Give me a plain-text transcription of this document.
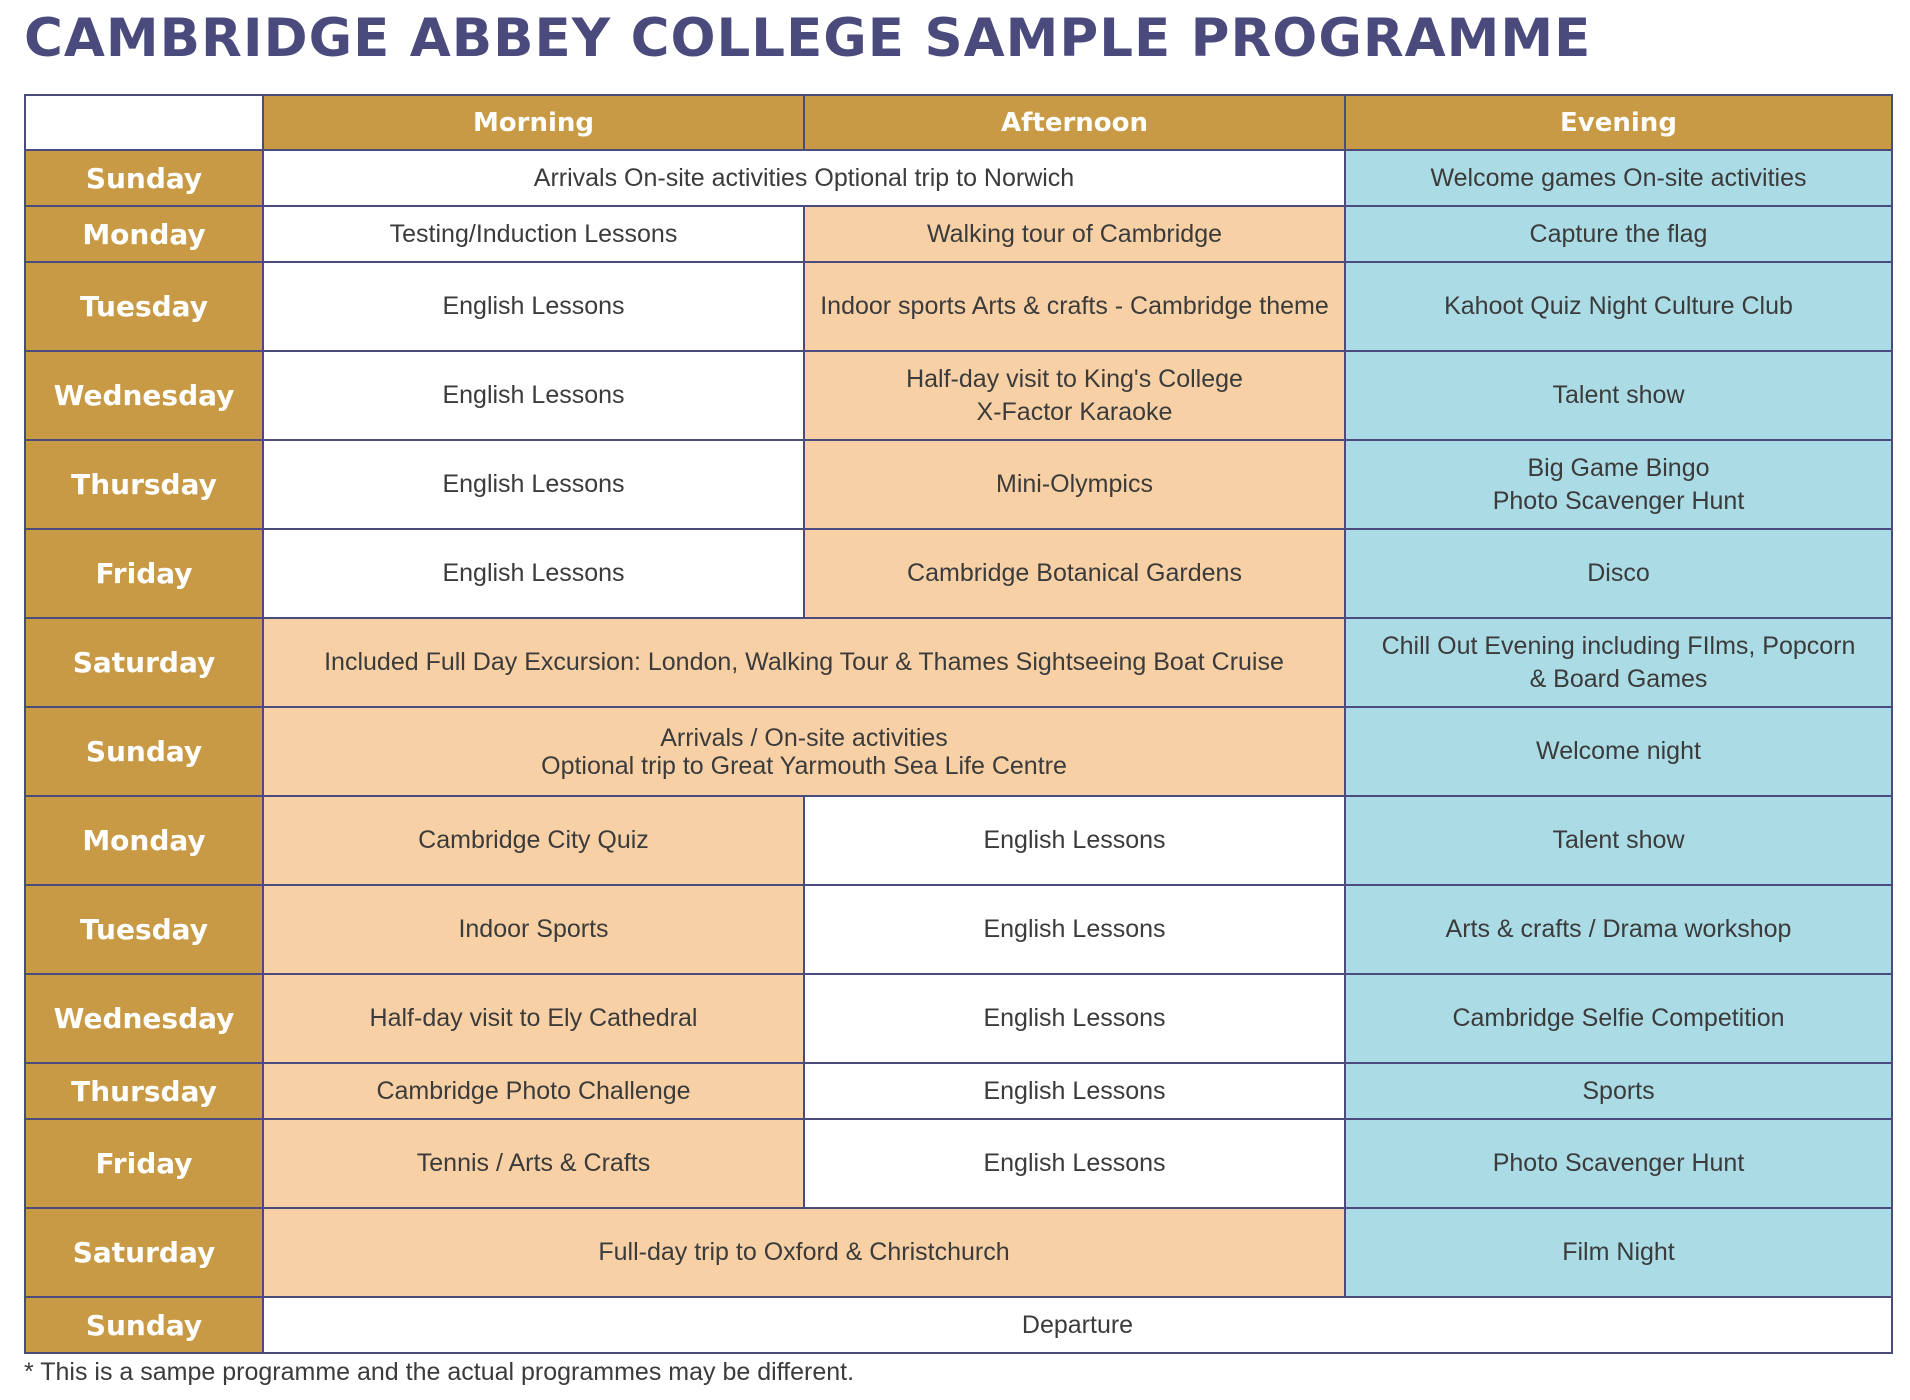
CAMBRIDGE ABBEY COLLEGE SAMPLE PROGRAMME
	Morning	Afternoon	Evening
Sunday	Arrivals On-site activities Optional trip to Norwich		Welcome games On-site activities
Monday	Testing/Induction Lessons	Walking tour of Cambridge	Capture the flag
Tuesday	English Lessons	Indoor sports Arts & crafts - Cambridge theme	Kahoot Quiz Night Culture Club
Wednesday	English Lessons	Half-day visit to King's College
X-Factor Karaoke	Talent show
Thursday	English Lessons	Mini-Olympics	Big Game Bingo
Photo Scavenger Hunt

Friday	English Lessons	Cambridge Botanical Gardens	Disco
Saturday	Included Full Day Excursion: London, Walking Tour & Thames Sightseeing Boat Cruise		Chill Out Evening including FIlms, Popcorn
& Board Games

Sunday	Arrivals / On-site activities
Optional trip to Great Yarmouth Sea Life Centre		Welcome night
Monday	Cambridge City Quiz	English Lessons	Talent show
Tuesday	Indoor Sports	English Lessons	Arts & crafts / Drama workshop
Wednesday	Half-day visit to Ely Cathedral	English Lessons	Cambridge Selfie Competition
Thursday	Cambridge Photo Challenge	English Lessons	Sports
Friday	Tennis / Arts & Crafts	English Lessons	Photo Scavenger Hunt
Saturday	Full-day trip to Oxford & Christchurch		Film Night
Sunday	Departure		

* This is a sampe programme and the actual programmes may be different.
